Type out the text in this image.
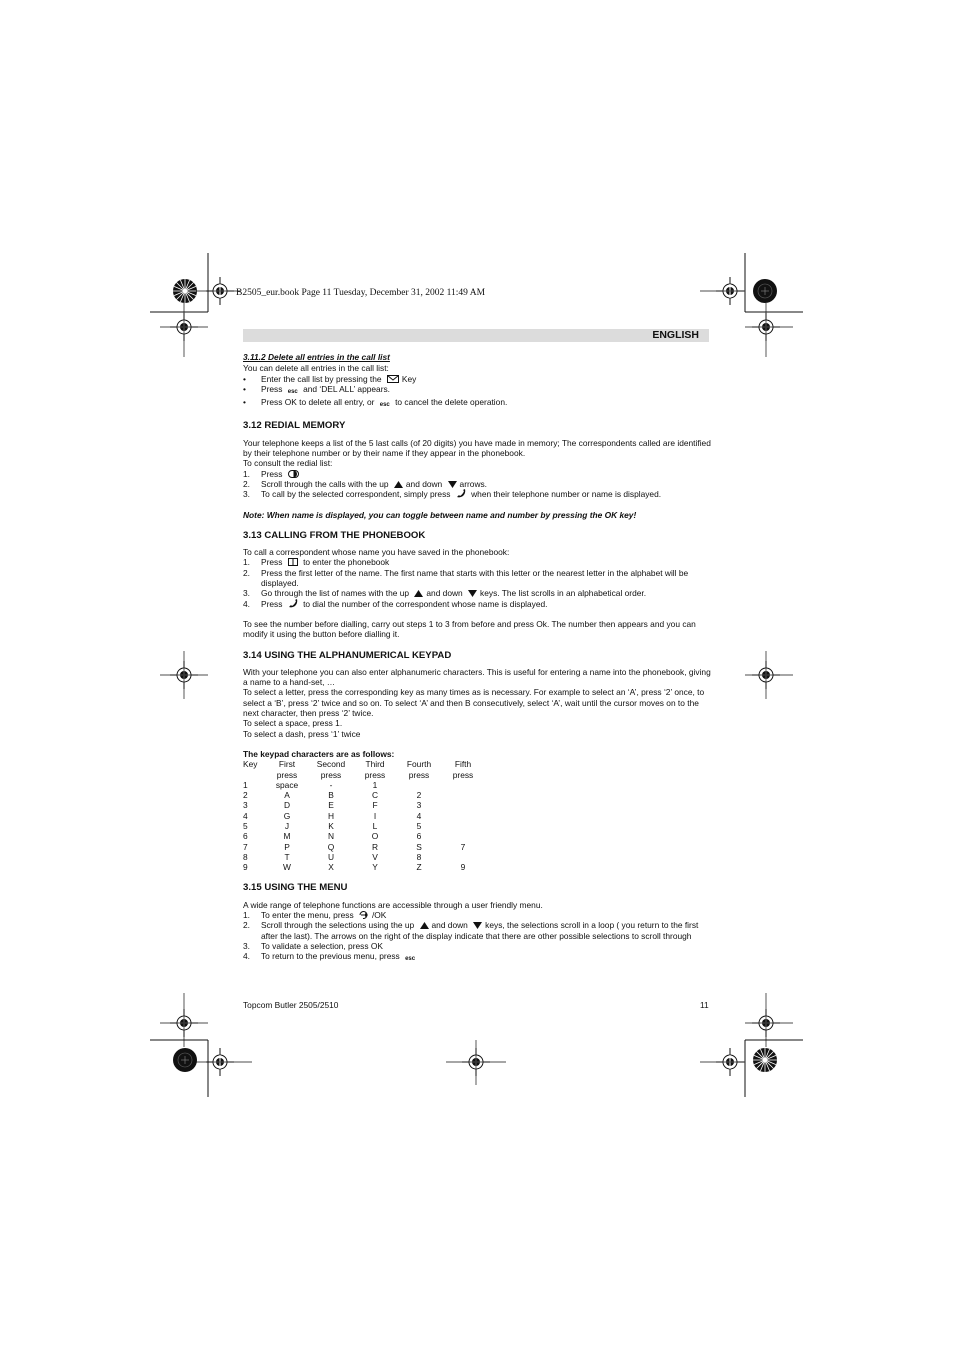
B2505_eur.book Page 11 Tuesday, December 31, 2002 11:49 AM
ENGLISH
3.11.2 Delete all entries in the call list
You can delete all entries in the call list:
•	Enter the call list by pressing the Key
•	Press esc and ‘DEL ALL’ appears.
•	Press OK to delete all entry, or esc to cancel the delete operation.
3.12 REDIAL MEMORY
Your telephone keeps a list of the 5 last calls (of 20 digits) you have made in memory; The correspondents called are identified by their telephone number or by their name if they appear in the phonebook.
To consult the redial list:
1.	Press
2.	Scroll through the calls with the up and down arrows.
3.	To call by the selected correspondent, simply press when their telephone number or name is displayed.
Note: When name is displayed, you can toggle between name and number by pressing the OK key!
3.13 CALLING FROM THE PHONEBOOK
To call a correspondent whose name you have saved in the phonebook:
1.	Press to enter the phonebook
2.	Press the first letter of the name. The first name that starts with this letter or the nearest letter in the alphabet will be displayed.
3.	Go through the list of names with the up and down keys. The list scrolls in an alphabetical order.
4.	Press to dial the number of the correspondent whose name is displayed.
To see the number before dialling, carry out steps 1 to 3 from before and press Ok. The number then appears and you can modify it using the button before dialling it.
3.14 USING THE ALPHANUMERICAL KEYPAD
With your telephone you can also enter alphanumeric characters. This is useful for entering a name into the phonebook, giving a name to a hand-set, …
To select a letter, press the corresponding key as many times as is necessary. For example to select an ‘A’, press ‘2’ once, to select a ‘B’, press ‘2’ twice and so on. To select ‘A’ and then B consecutively, select ‘A’, wait until the cursor moves on to the next character, then press ‘2’ twice.
To select a space, press 1.
To select a dash, press ‘1’ twice
The keypad characters are as follows:
Key	First	Second	Third	Fourth	Fifth
	press	press	press	press	press
1	space	-	1		
2	A	B	C	2	
3	D	E	F	3	
4	G	H	I	4	
5	J	K	L	5	
6	M	N	O	6	
7	P	Q	R	S	7
8	T	U	V	8	
9	W	X	Y	Z	9
3.15 USING THE MENU
A wide range of telephone functions are accessible through a user friendly menu.
1.	To enter the menu, press /OK
2.	Scroll through the selections using the up and down keys, the selections scroll in a loop ( you return to the first after the last). The arrows on the right of the display indicate that there are other possible selections to scroll through
3.	To validate a selection, press OK
4.	To return to the previous menu, press esc
Topcom Butler 2505/2510	11
